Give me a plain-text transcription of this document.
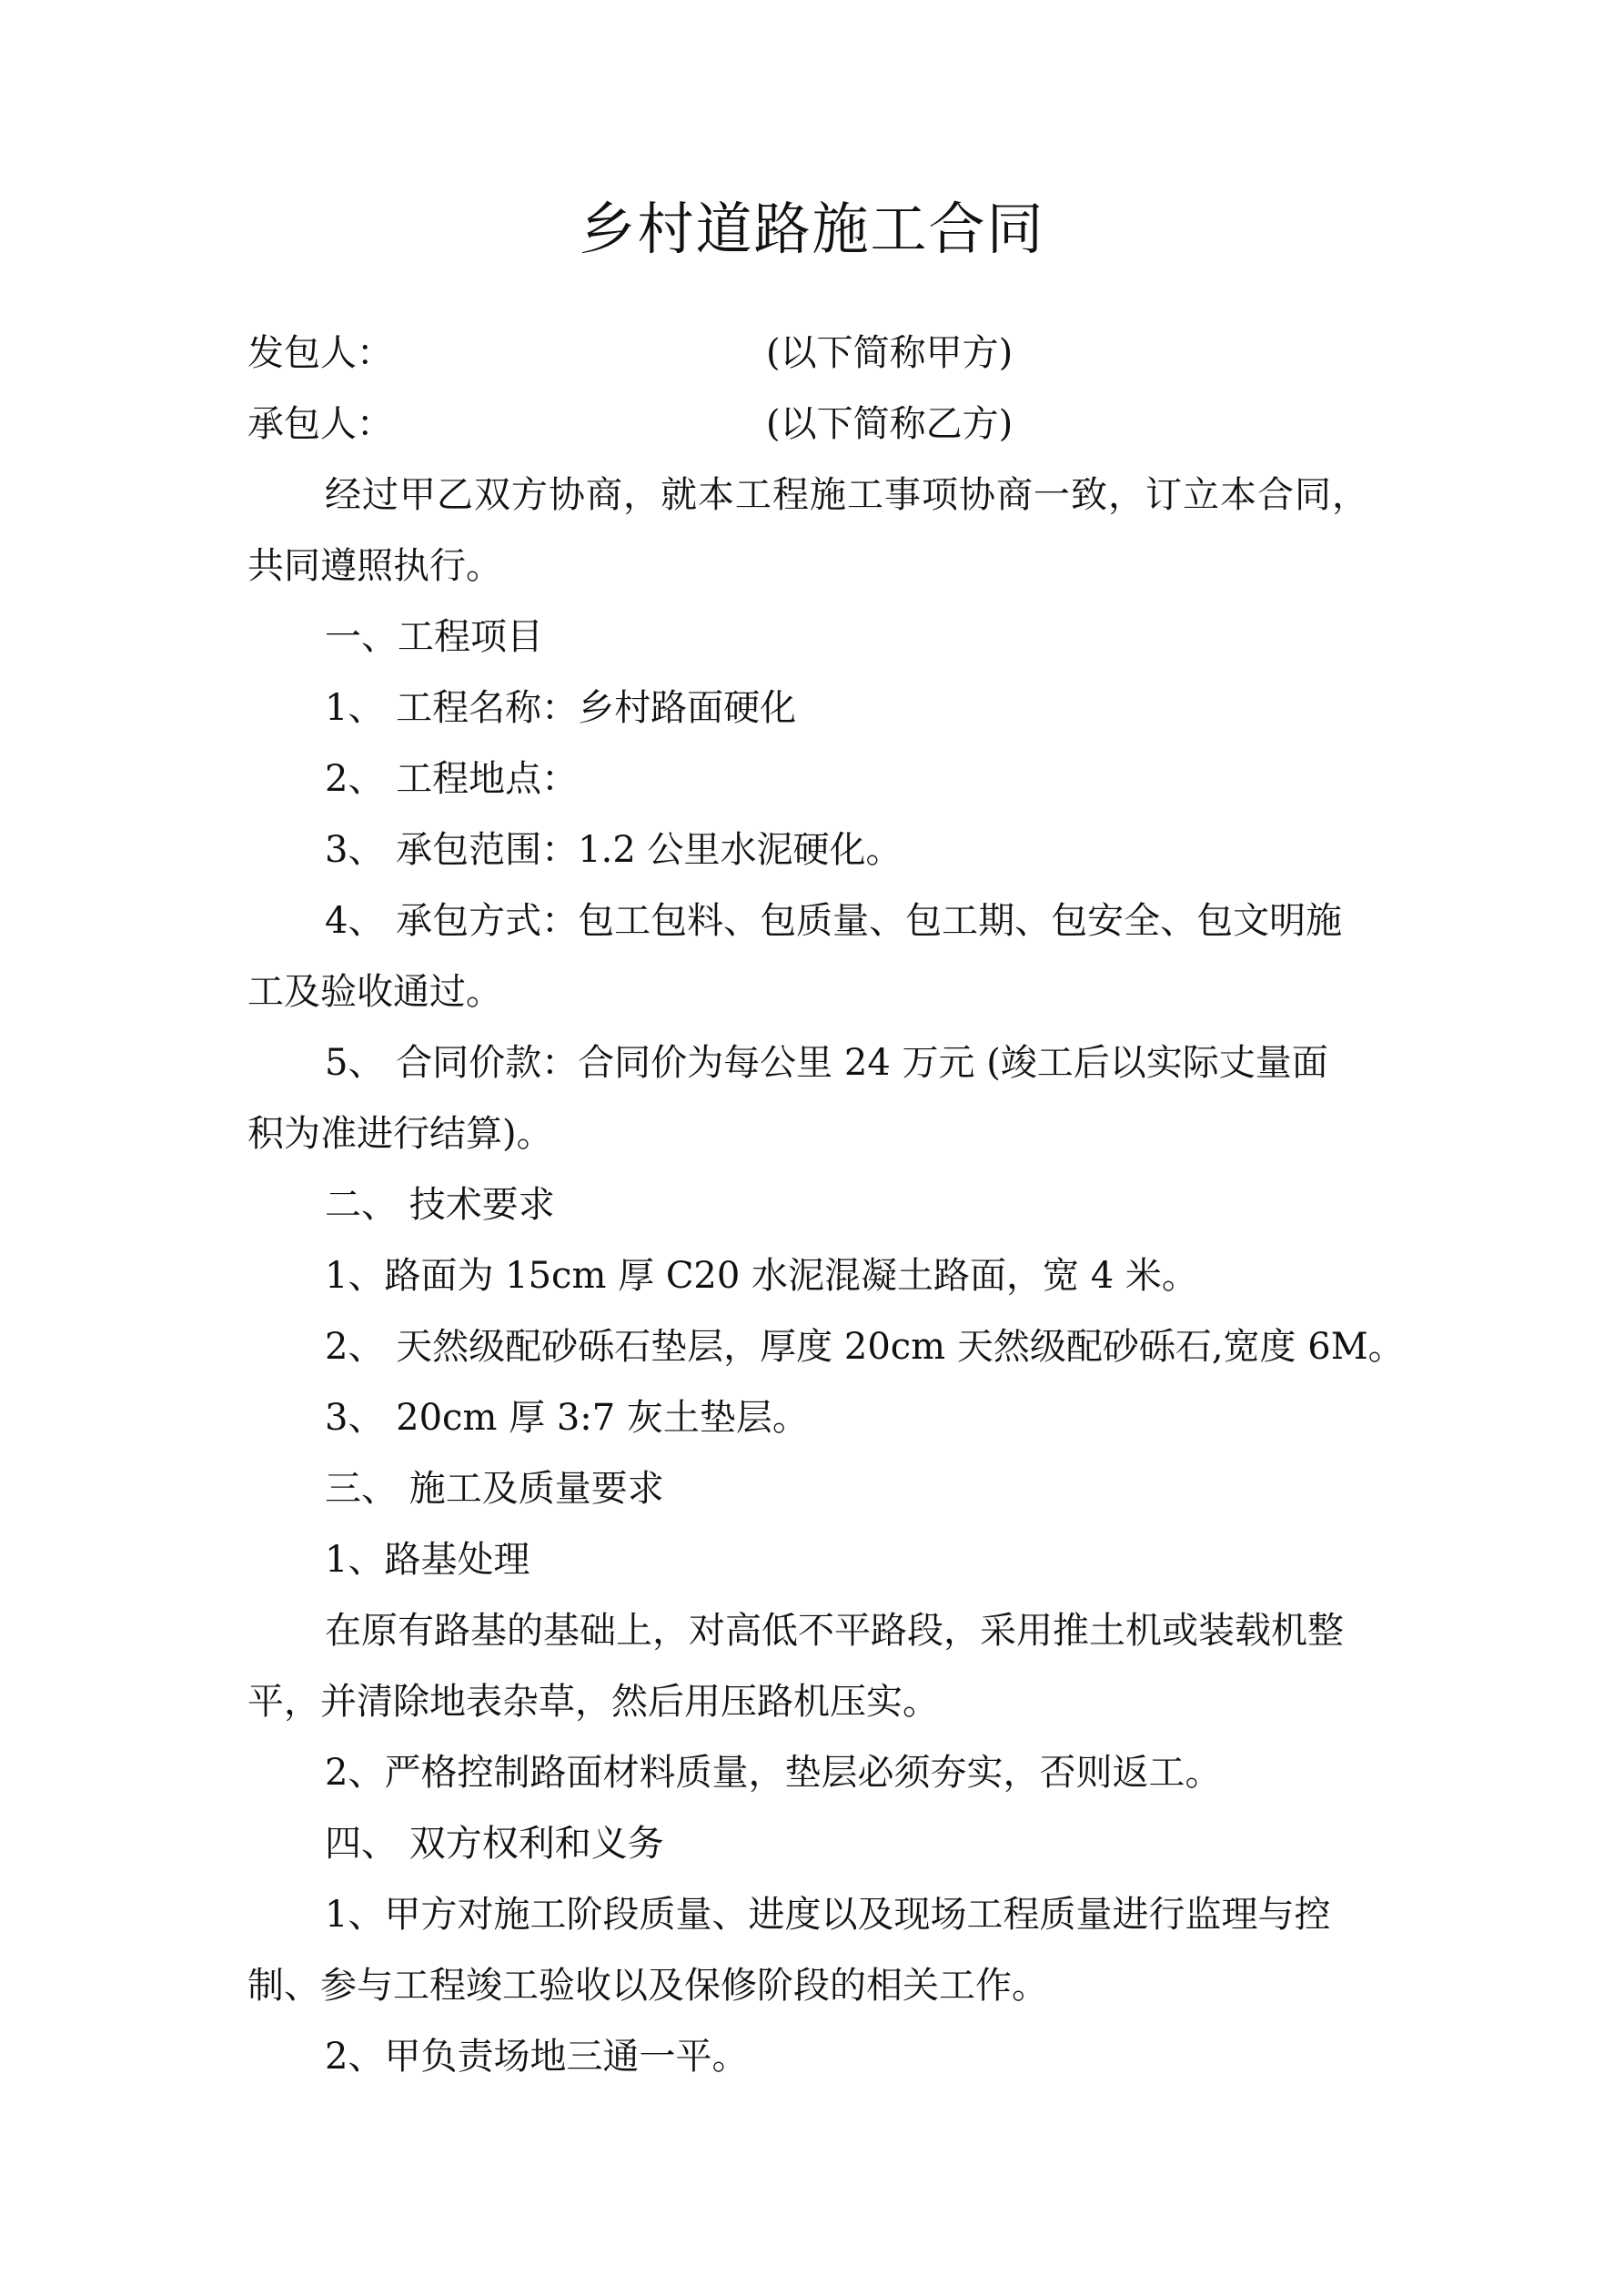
乡村道路施工合同

发包人：	(以下简称甲方)

承包人：	(以下简称乙方)

经过甲乙双方协商，就本工程施工事项协商一致，订立本合同，

共同遵照执行。

一、工程项目

1、 工程名称：乡村路面硬化

2、 工程地点：

3、 承包范围：1.2 公里水泥硬化。

4、 承包方式：包工包料、包质量、包工期、包安全、包文明施

工及验收通过。

5、 合同价款：合同价为每公里 24 万元 (竣工后以实际丈量面

积为准进行结算)。

二、 技术要求

1、路面为 15cm 厚 C20 水泥混凝土路面，宽 4 米。

2、 天然级配砂砾石垫层，厚度 20cm 天然级配砂砾石,宽度 6M。

3、 20cm 厚 3:7 灰土垫层。

三、 施工及质量要求

1、路基处理

在原有路基的基础上，对高低不平路段，采用推土机或装载机整

平，并清除地表杂草，然后用压路机压实。

2、严格控制路面材料质量，垫层必须夯实，否则返工。

四、 双方权利和义务

1、甲方对施工阶段质量、进度以及现场工程质量进行监理与控

制、参与工程竣工验收以及保修阶段的相关工作。

2、甲负责场地三通一平。
